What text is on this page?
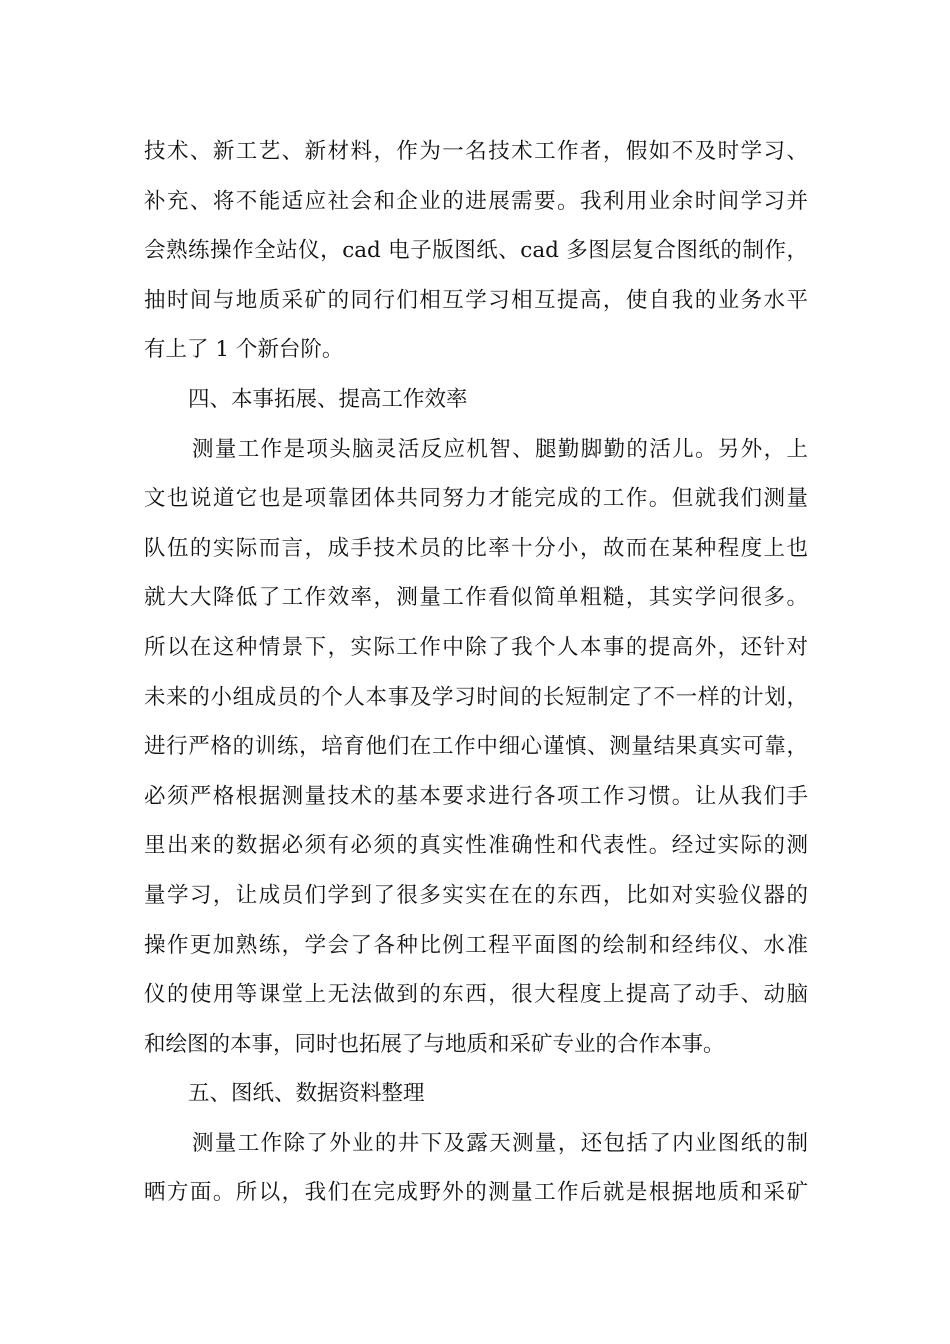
技术、新工艺、新材料，作为一名技术工作者，假如不及时学习、
补充、将不能适应社会和企业的进展需要。我利用业余时间学习并
会熟练操作全站仪，cad 电子版图纸、cad 多图层复合图纸的制作，
抽时间与地质采矿的同行们相互学习相互提高，使自我的业务水平
有上了 1 个新台阶。
四、本事拓展、提高工作效率
测量工作是项头脑灵活反应机智、腿勤脚勤的活儿。另外，上
文也说道它也是项靠团体共同努力才能完成的工作。但就我们测量
队伍的实际而言，成手技术员的比率十分小，故而在某种程度上也
就大大降低了工作效率，测量工作看似简单粗糙，其实学问很多。
所以在这种情景下，实际工作中除了我个人本事的提高外，还针对
未来的小组成员的个人本事及学习时间的长短制定了不一样的计划，
进行严格的训练，培育他们在工作中细心谨慎、测量结果真实可靠，
必须严格根据测量技术的基本要求进行各项工作习惯。让从我们手
里出来的数据必须有必须的真实性准确性和代表性。经过实际的测
量学习，让成员们学到了很多实实在在的东西，比如对实验仪器的
操作更加熟练，学会了各种比例工程平面图的绘制和经纬仪、水准
仪的使用等课堂上无法做到的东西，很大程度上提高了动手、动脑
和绘图的本事，同时也拓展了与地质和采矿专业的合作本事。
五、图纸、数据资料整理
测量工作除了外业的井下及露天测量，还包括了内业图纸的制
晒方面。所以，我们在完成野外的测量工作后就是根据地质和采矿
